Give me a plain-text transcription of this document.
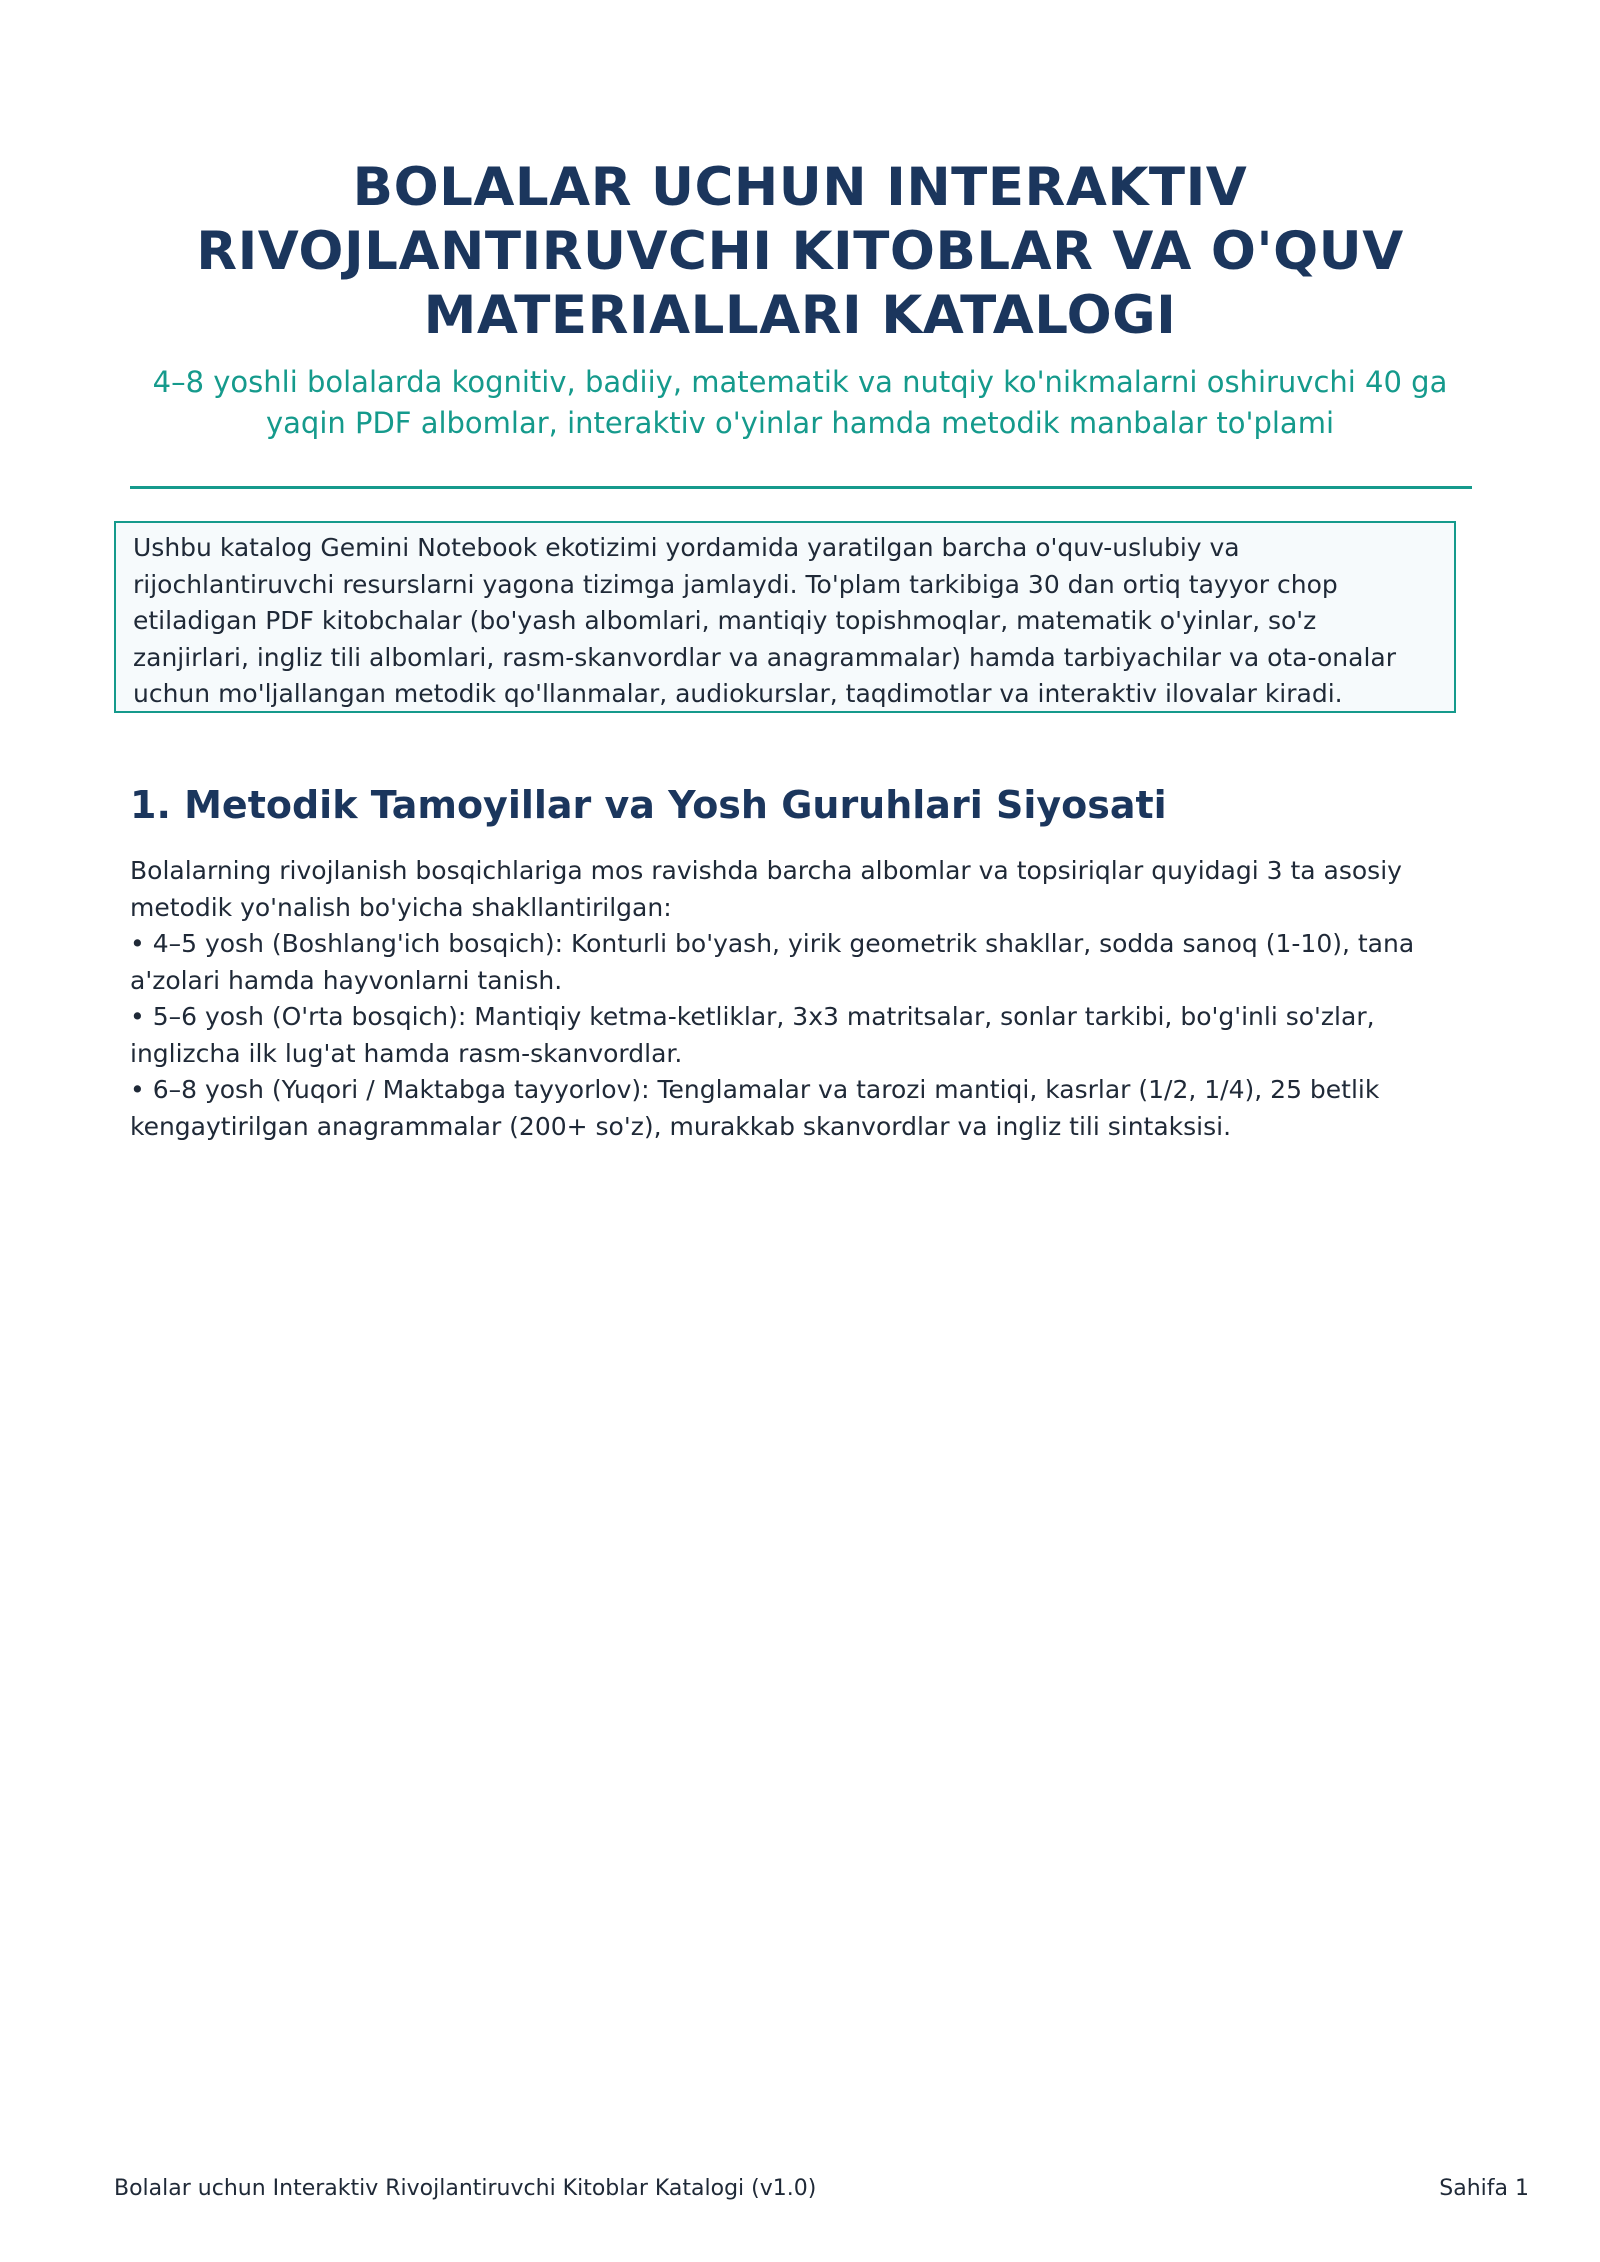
BOLALAR UCHUN INTERAKTIV RIVOJLANTIRUVCHI KITOBLAR VA O'QUV MATERIALLARI KATALOGI

4–8 yoshli bolalarda kognitiv, badiiy, matematik va nutqiy ko'nikmalarni oshiruvchi 40 ga yaqin PDF albomlar, interaktiv o'yinlar hamda metodik manbalar to'plami

Ushbu katalog Gemini Notebook ekotizimi yordamida yaratilgan barcha o'quv-uslubiy va rijochlantiruvchi resurslarni yagona tizimga jamlaydi. To'plam tarkibiga 30 dan ortiq tayyor chop etiladigan PDF kitobchalar (bo'yash albomlari, mantiqiy topishmoqlar, matematik o'yinlar, so'z zanjirlari, ingliz tili albomlari, rasm-skanvordlar va anagrammalar) hamda tarbiyachilar va ota-onalar uchun mo'ljallangan metodik qo'llanmalar, audiokurslar, taqdimotlar va interaktiv ilovalar kiradi.
1. Metodik Tamoyillar va Yosh Guruhlari Siyosati

Bolalarning rivojlanish bosqichlariga mos ravishda barcha albomlar va topsiriqlar quyidagi 3 ta asosiy metodik yo'nalish bo'yicha shakllantirilgan:

• 4–5 yosh (Boshlang'ich bosqich): Konturli bo'yash, yirik geometrik shakllar, sodda sanoq (1-10), tana a'zolari hamda hayvonlarni tanish.

• 5–6 yosh (O'rta bosqich): Mantiqiy ketma-ketliklar, 3x3 matritsalar, sonlar tarkibi, bo'g'inli so'zlar, inglizcha ilk lug'at hamda rasm-skanvordlar.

• 6–8 yosh (Yuqori / Maktabga tayyorlov): Tenglamalar va tarozi mantiqi, kasrlar (1/2, 1/4), 25 betlik kengaytirilgan anagrammalar (200+ so'z), murakkab skanvordlar va ingliz tili sintaksisi.

Bolalar uchun Interaktiv Rivojlantiruvchi Kitoblar Katalogi (v1.0)	Sahifa 1
